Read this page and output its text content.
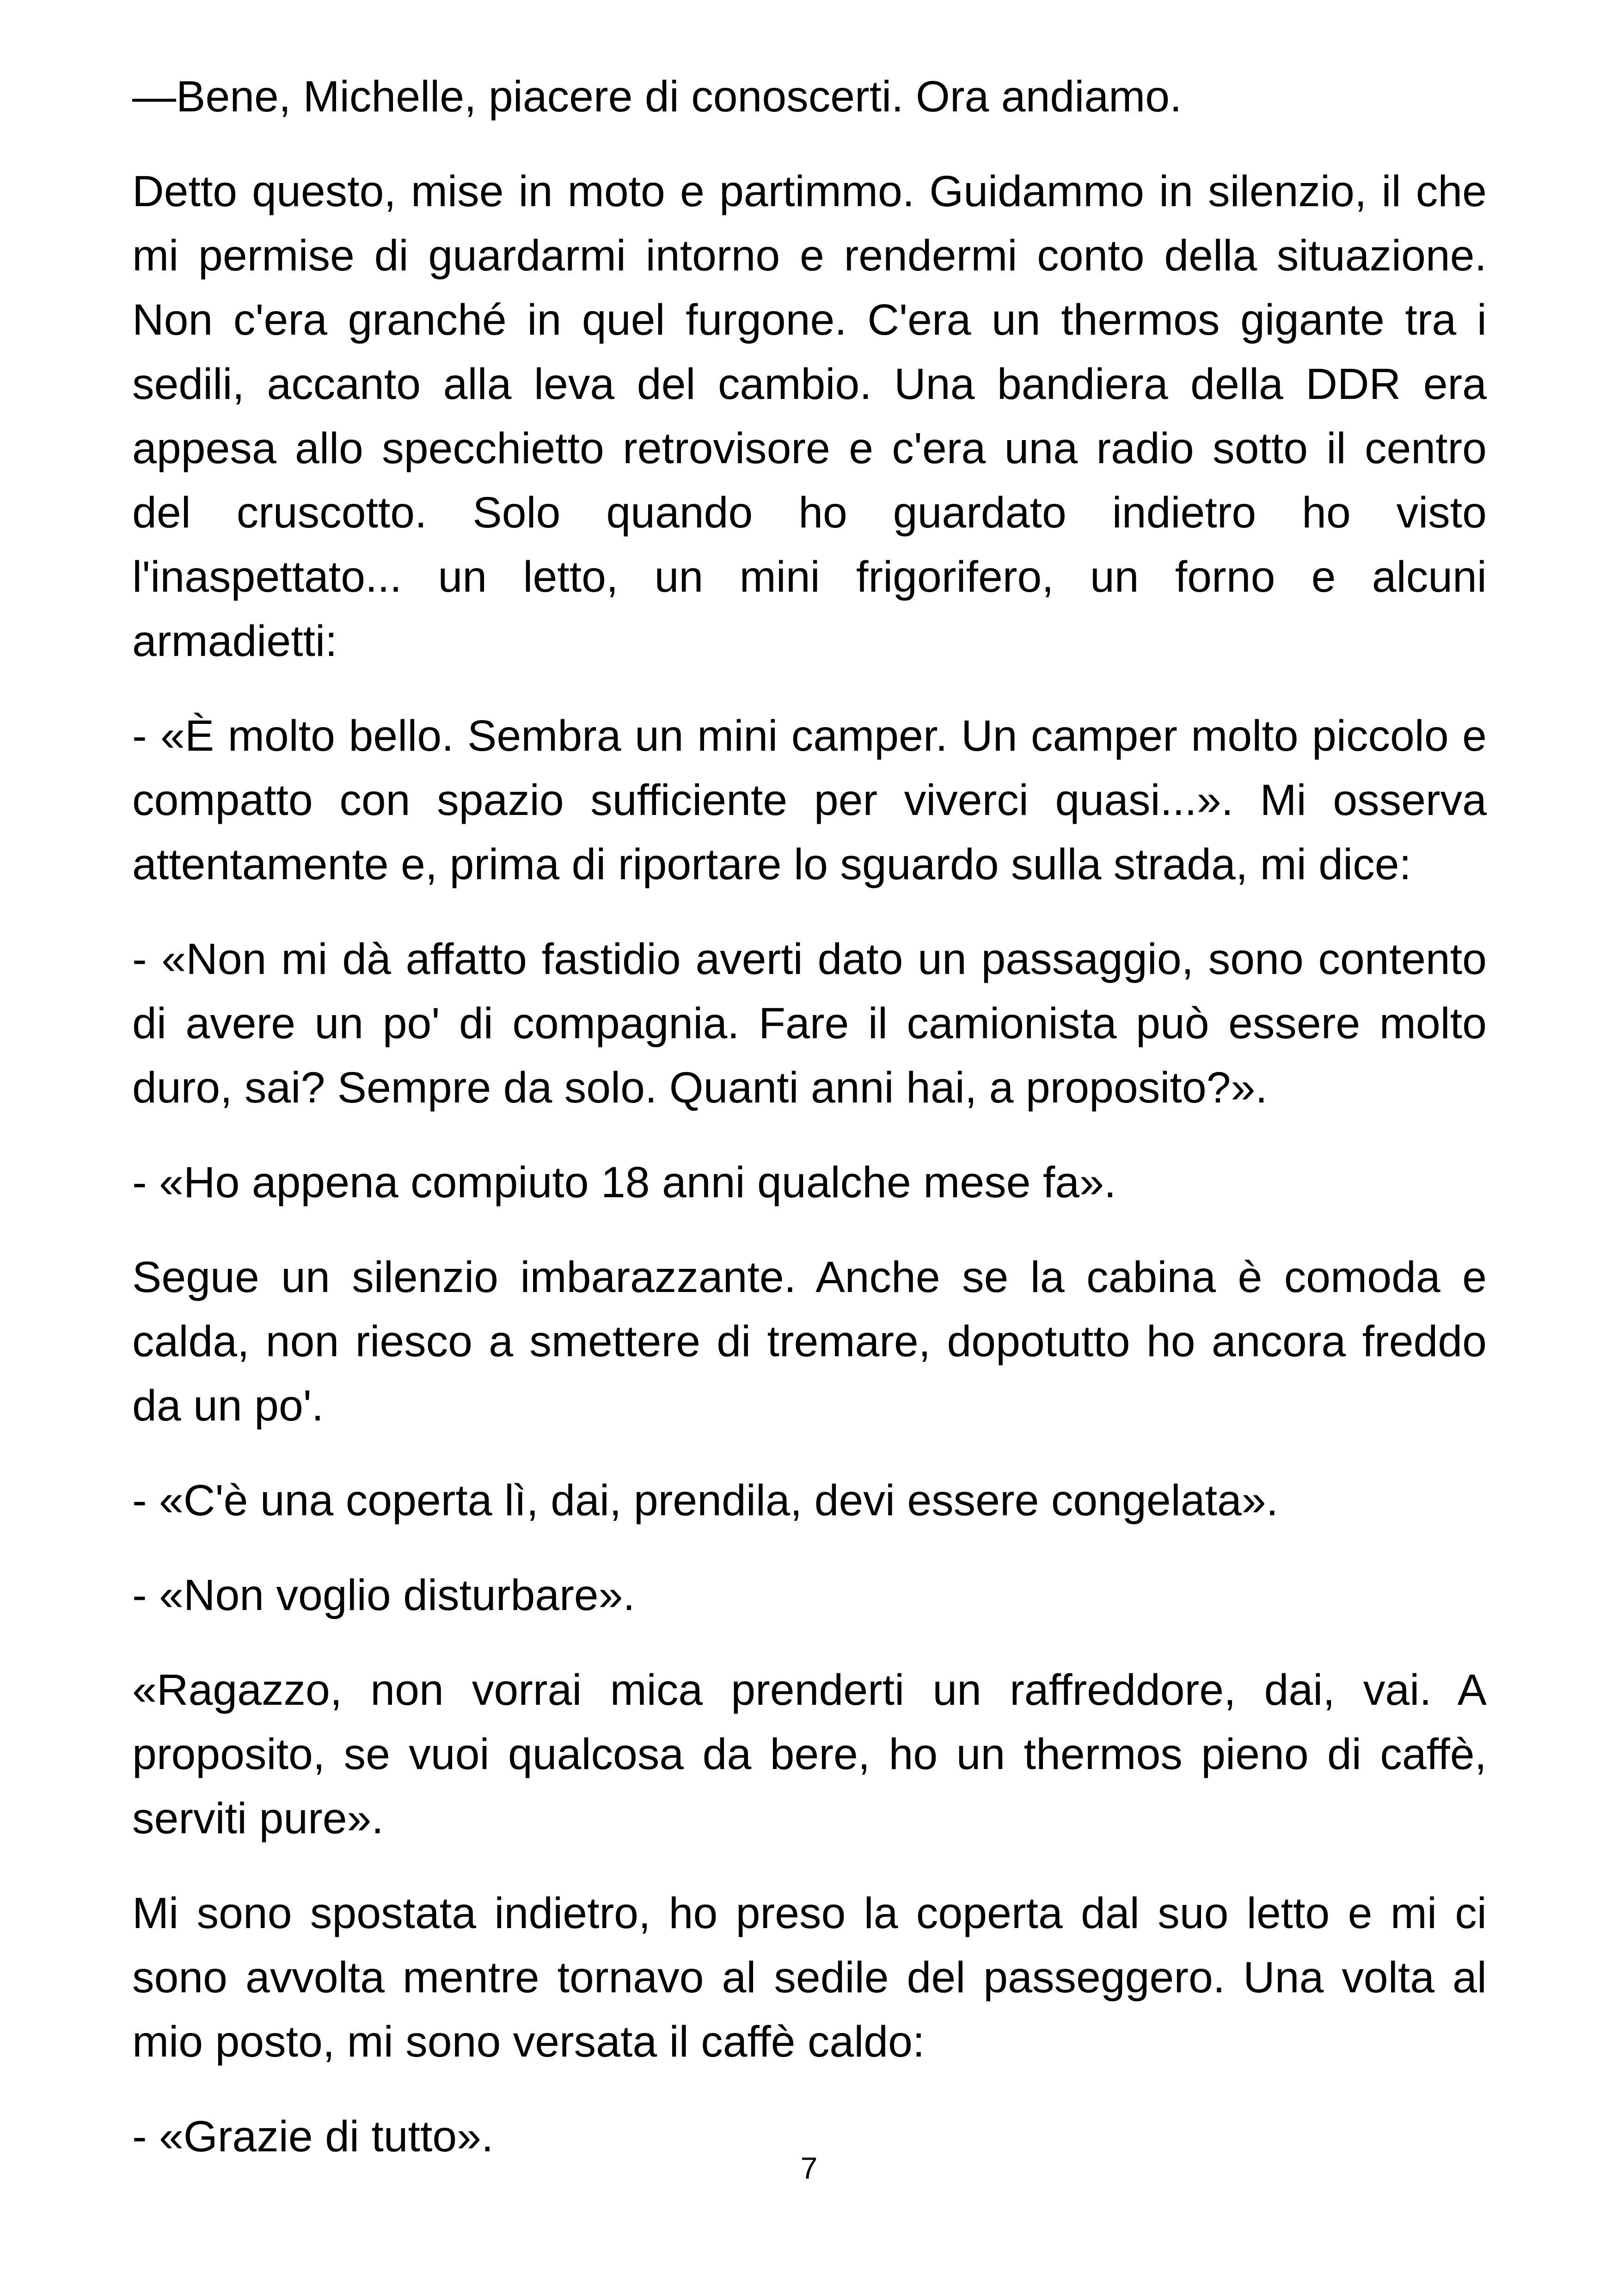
—Bene, Michelle, piacere di conoscerti. Ora andiamo.

Detto questo, mise in moto e partimmo. Guidammo in silenzio, il che mi permise di guardarmi intorno e rendermi conto della situazione. Non c'era granché in quel furgone. C'era un thermos gigante tra i sedili, accanto alla leva del cambio. Una bandiera della DDR era appesa allo specchietto retrovisore e c'era una radio sotto il centro del cruscotto. Solo quando ho guardato indietro ho visto l'inaspettato... un letto, un mini frigorifero, un forno e alcuni armadietti:

- «È molto bello. Sembra un mini camper. Un camper molto piccolo e compatto con spazio sufficiente per viverci quasi...». Mi osserva attentamente e, prima di riportare lo sguardo sulla strada, mi dice:

- «Non mi dà affatto fastidio averti dato un passaggio, sono contento di avere un po' di compagnia. Fare il camionista può essere molto duro, sai? Sempre da solo. Quanti anni hai, a proposito?».

- «Ho appena compiuto 18 anni qualche mese fa».

Segue un silenzio imbarazzante. Anche se la cabina è comoda e calda, non riesco a smettere di tremare, dopotutto ho ancora freddo da un po'.

- «C'è una coperta lì, dai, prendila, devi essere congelata».

- «Non voglio disturbare».

«Ragazzo, non vorrai mica prenderti un raffreddore, dai, vai. A proposito, se vuoi qualcosa da bere, ho un thermos pieno di caffè, serviti pure».

Mi sono spostata indietro, ho preso la coperta dal suo letto e mi ci sono avvolta mentre tornavo al sedile del passeggero. Una volta al mio posto, mi sono versata il caffè caldo:

- «Grazie di tutto».

7
